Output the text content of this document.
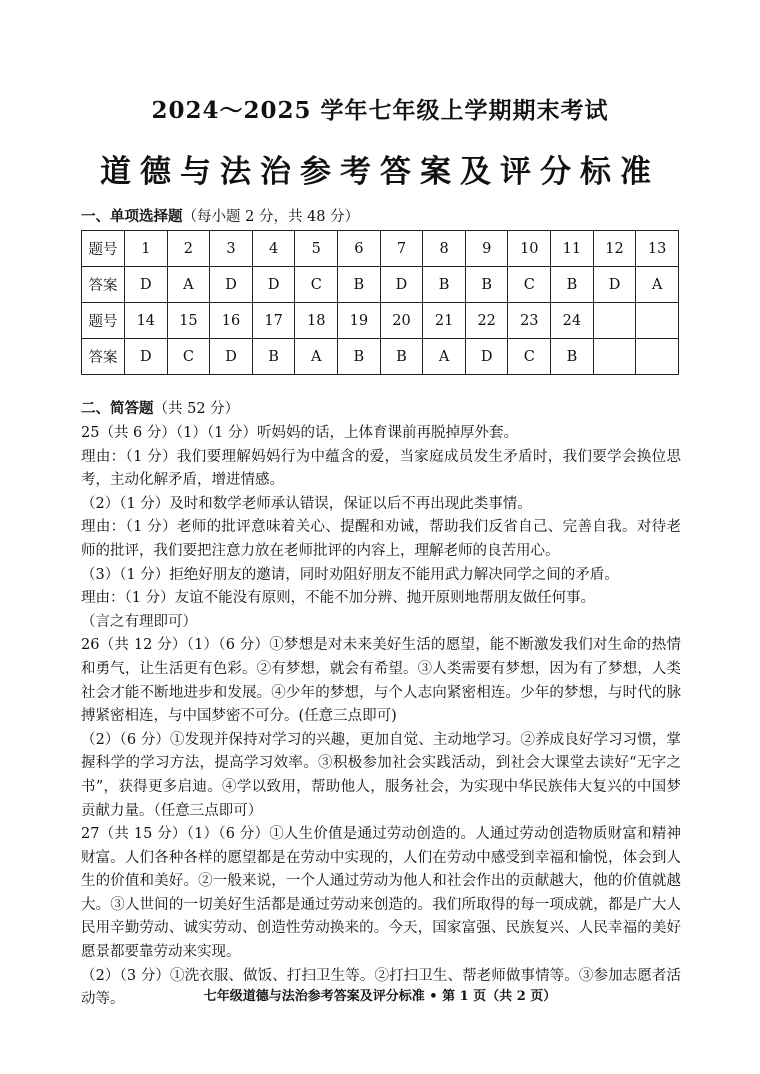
2024～2025 学年七年级上学期期末考试
道德与法治参考答案及评分标准
一、单项选择题（每小题 2 分，共 48 分）
题号	1	2	3	4	5	6	7	8	9	10	11	12	13
答案	D	A	D	D	C	B	D	B	B	C	B	D	A
题号	14	15	16	17	18	19	20	21	22	23	24		
答案	D	C	D	B	A	B	B	A	D	C	B		
二、简答题（共 52 分）

25（共 6 分）（1）（1 分）听妈妈的话，上体育课前再脱掉厚外套。

理由：（1 分）我们要理解妈妈行为中蕴含的爱，当家庭成员发生矛盾时，我们要学会换位思考，主动化解矛盾，增进情感。

（2）（1 分）及时和数学老师承认错误，保证以后不再出现此类事情。

理由：（1 分）老师的批评意味着关心、提醒和劝诫，帮助我们反省自己、完善自我。对待老师的批评，我们要把注意力放在老师批评的内容上，理解老师的良苦用心。

（3）（1 分）拒绝好朋友的邀请，同时劝阻好朋友不能用武力解决同学之间的矛盾。

理由：（1 分）友谊不能没有原则，不能不加分辨、抛开原则地帮朋友做任何事。

（言之有理即可）

26（共 12 分）（1）（6 分）①梦想是对未来美好生活的愿望，能不断激发我们对生命的热情和勇气，让生活更有色彩。②有梦想，就会有希望。③人类需要有梦想，因为有了梦想，人类社会才能不断地进步和发展。④少年的梦想，与个人志向紧密相连。少年的梦想，与时代的脉搏紧密相连，与中国梦密不可分。(任意三点即可)

（2）（6 分）①发现并保持对学习的兴趣，更加自觉、主动地学习。②养成良好学习习惯，掌握科学的学习方法，提高学习效率。③积极参加社会实践活动，到社会大课堂去读好“无字之书”，获得更多启迪。④学以致用，帮助他人，服务社会，为实现中华民族伟大复兴的中国梦贡献力量。（任意三点即可）

27（共 15 分）（1）（6 分）①人生价值是通过劳动创造的。人通过劳动创造物质财富和精神财富。人们各种各样的愿望都是在劳动中实现的，人们在劳动中感受到幸福和愉悦，体会到人生的价值和美好。②一般来说，一个人通过劳动为他人和社会作出的贡献越大，他的价值就越大。③人世间的一切美好生活都是通过劳动来创造的。我们所取得的每一项成就，都是广大人民用辛勤劳动、诚实劳动、创造性劳动换来的。今天，国家富强、民族复兴、人民幸福的美好愿景都要靠劳动来实现。

（2）（3 分）①洗衣服、做饭、打扫卫生等。②打扫卫生、帮老师做事情等。③参加志愿者活动等。	七年级道德与法治参考答案及评分标准 • 第 1 页（共 2 页）
